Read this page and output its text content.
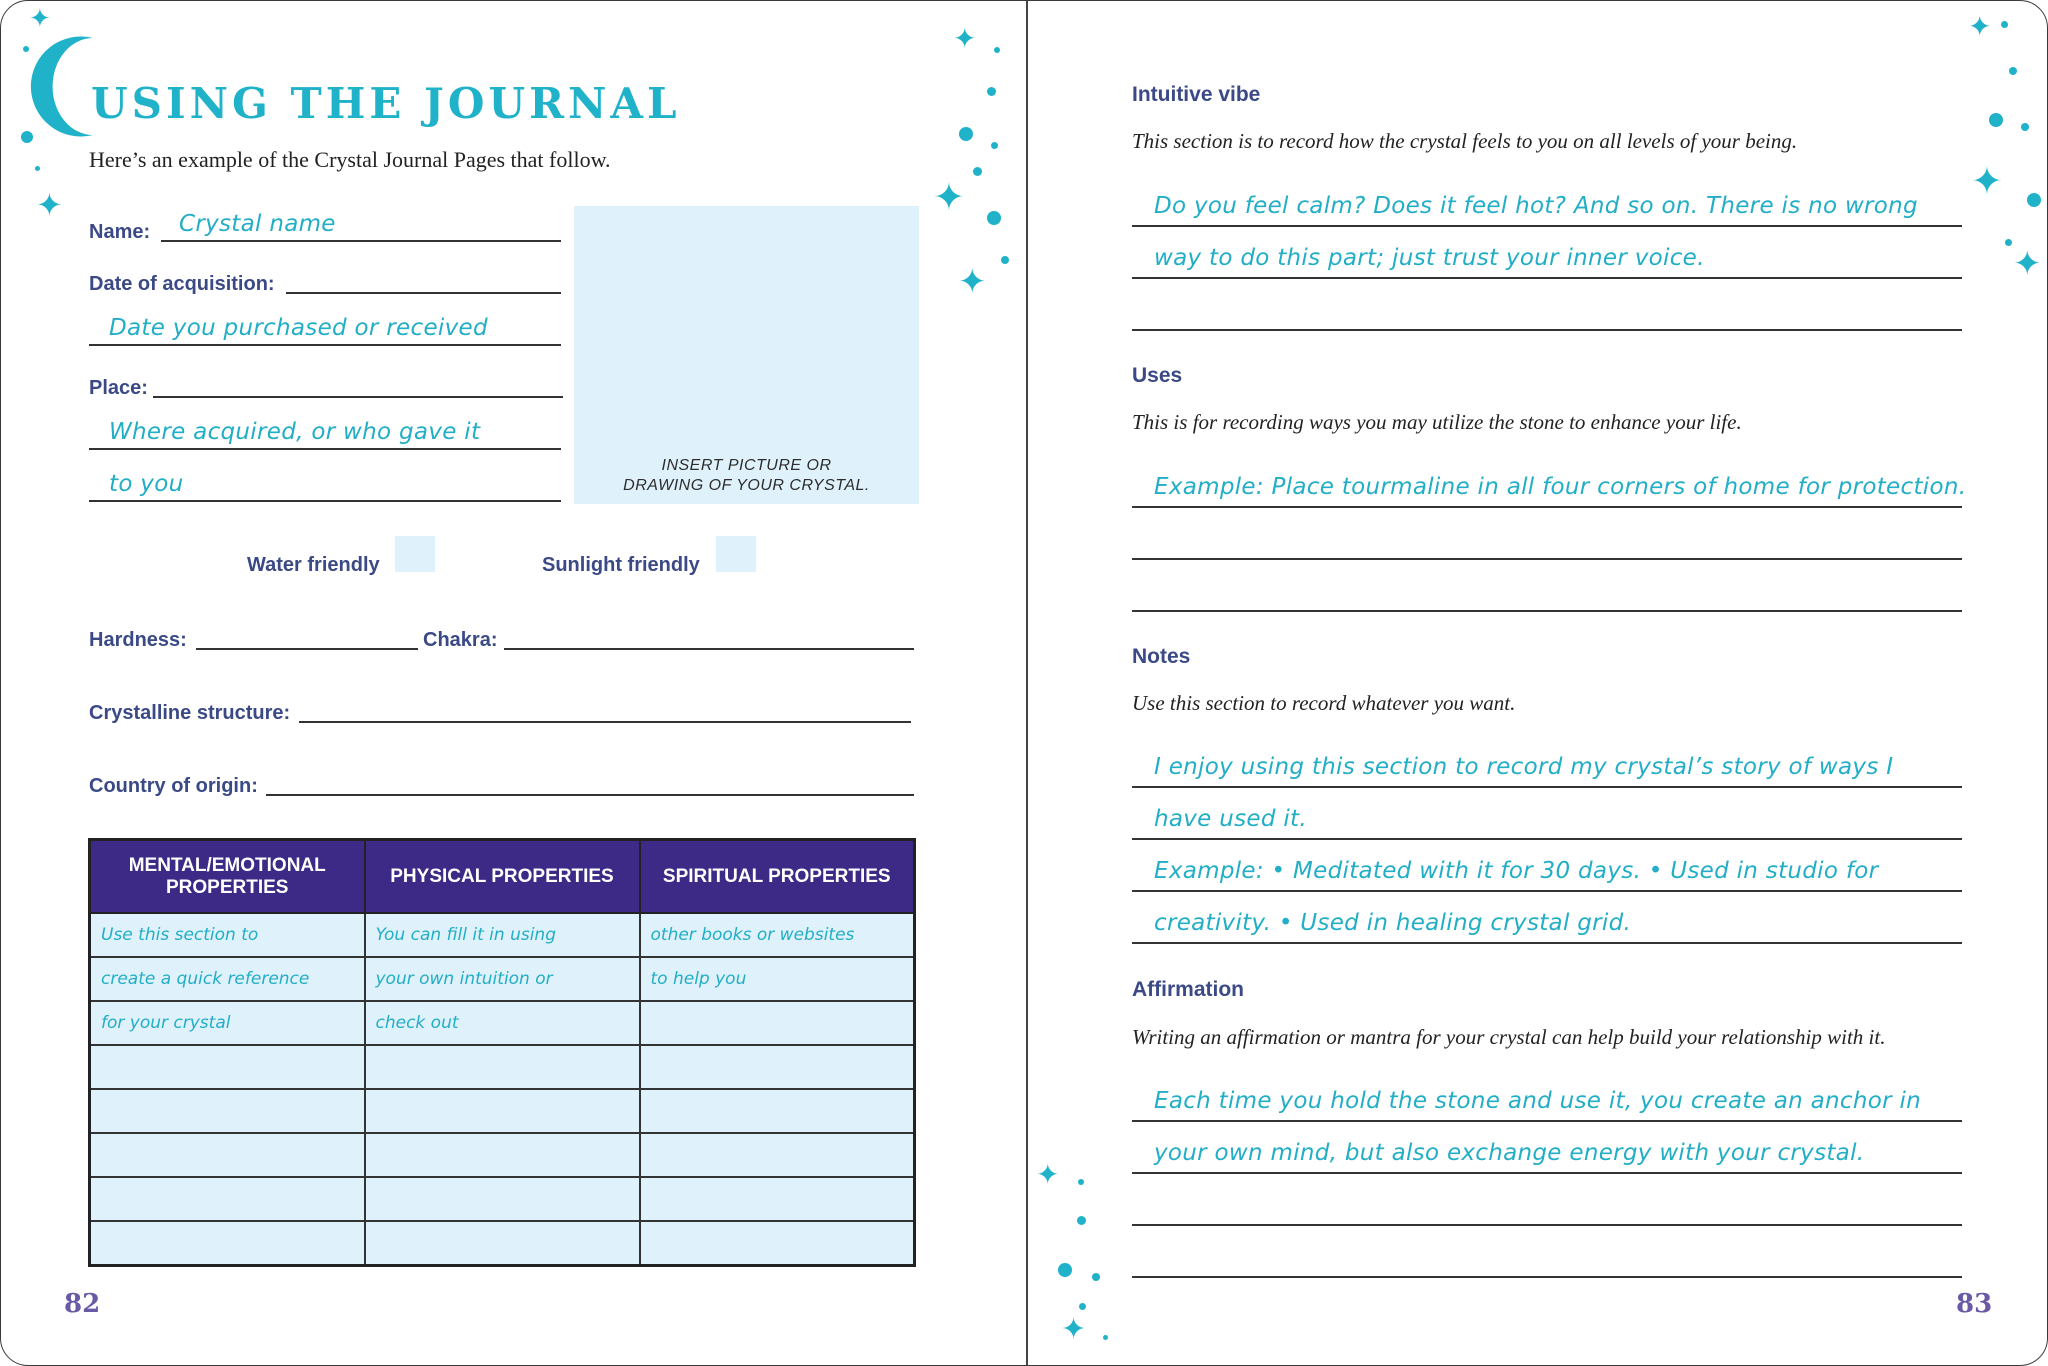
✦
✦
✦
✦
✦
✦
✦
✦
✦
✦
USING THE JOURNAL
Here’s an example of the Crystal Journal Pages that follow.
Name: Crystal name
Date of acquisition:
Date you purchased or received
Place:
Where acquired, or who gave it
to you
INSERT PICTURE OR
DRAWING OF YOUR CRYSTAL.
Water friendly	Sunlight friendly
Hardness:	Chakra:
Crystalline structure:
Country of origin:
MENTAL/EMOTIONAL
PROPERTIES	PHYSICAL PROPERTIES	SPIRITUAL PROPERTIES
Use this section to	You can fill it in using	other books or websites
create a quick reference	your own intuition or	to help you
for your crystal	check out	

82
Intuitive vibe
This section is to record how the crystal feels to you on all levels of your being.
Do you feel calm? Does it feel hot? And so on. There is no wrong
way to do this part; just trust your inner voice.
Uses
This is for recording ways you may utilize the stone to enhance your life.
Example: Place tourmaline in all four corners of home for protection.
Notes
Use this section to record whatever you want.
I enjoy using this section to record my crystal’s story of ways I
have used it.
Example: • Meditated with it for 30 days. • Used in studio for
creativity. • Used in healing crystal grid.
Affirmation
Writing an affirmation or mantra for your crystal can help build your relationship with it.
Each time you hold the stone and use it, you create an anchor in
your own mind, but also exchange energy with your crystal.
83
